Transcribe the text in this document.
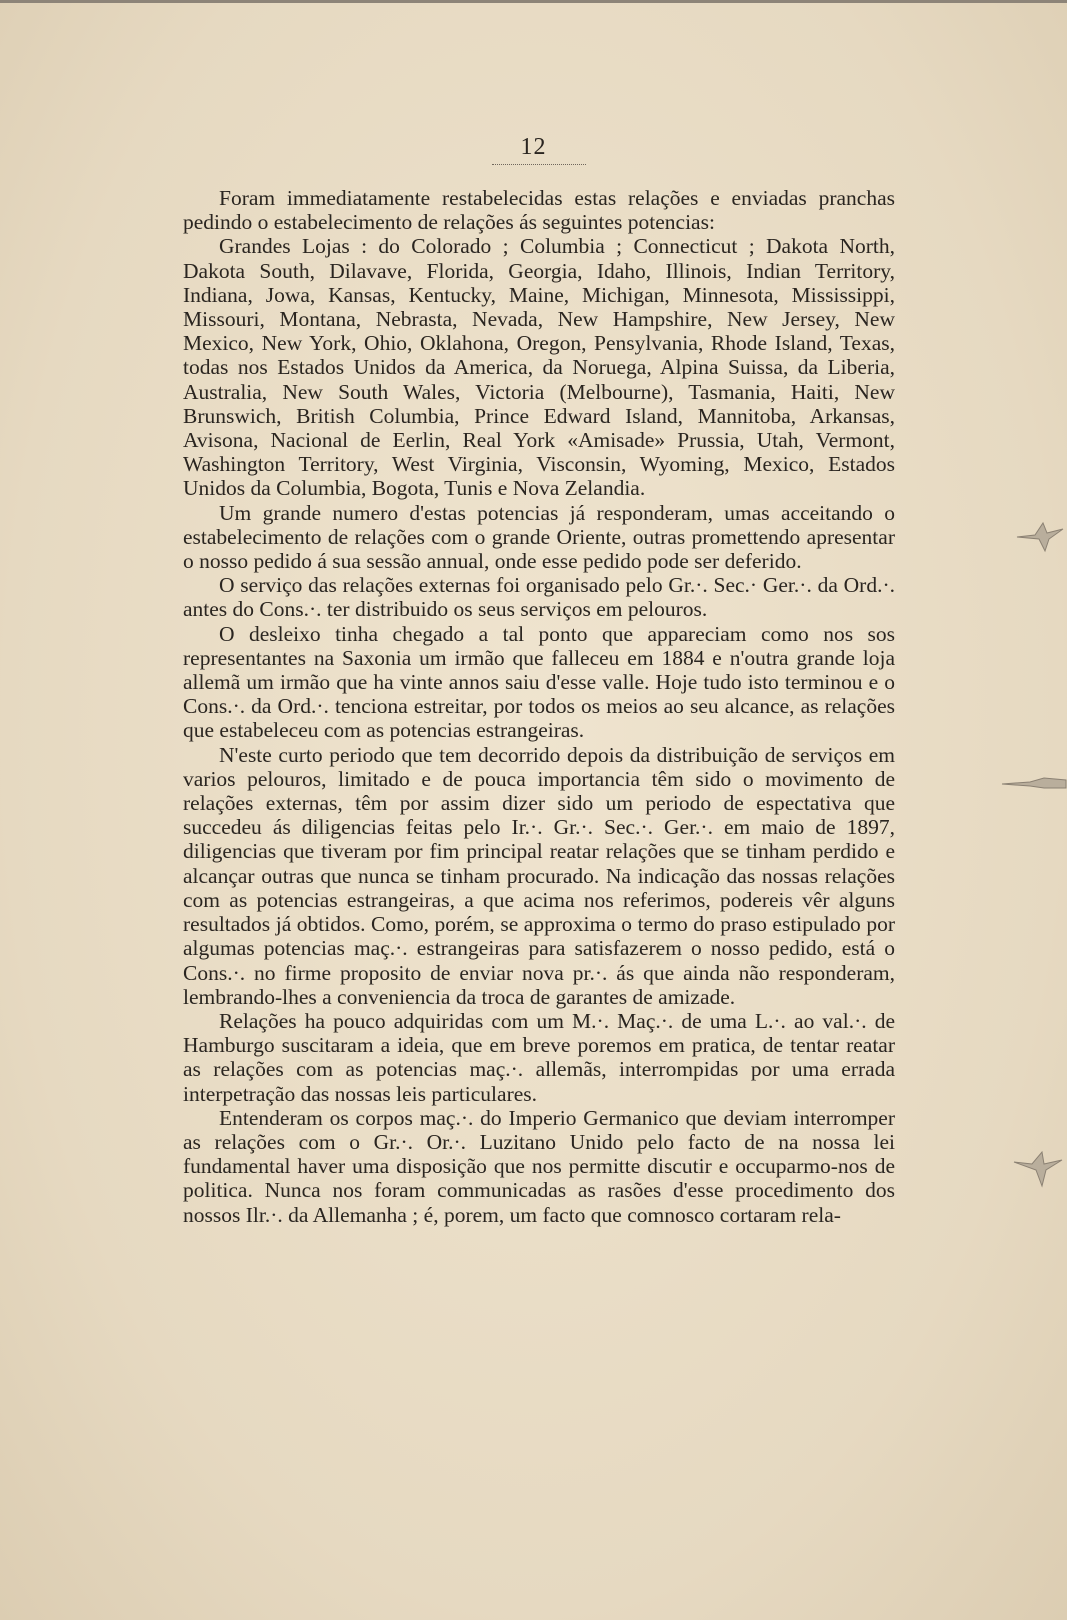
12

Foram immediatamente restabelecidas estas relações e enviadas pranchas pedindo o estabelecimento de relações ás seguintes potencias:

Grandes Lojas : do Colorado ; Columbia ; Connecticut ; Dakota North, Dakota South, Dilavave, Florida, Georgia, Idaho, Illinois, Indian Territory, Indiana, Jowa, Kansas, Kentucky, Maine, Michigan, Minnesota, Mississippi, Missouri, Montana, Nebrasta, Nevada, New Hampshire, New Jersey, New Mexico, New York, Ohio, Oklahona, Oregon, Pensylvania, Rhode Island, Texas, todas nos Estados Unidos da America, da Noruega, Alpina Suissa, da Liberia, Australia, New South Wales, Victoria (Melbourne), Tasmania, Haiti, New Brunswich, British Columbia, Prince Edward Island, Mannitoba, Arkansas, Avisona, Nacional de Eerlin, Real York «Amisade» Prussia, Utah, Vermont, Washington Territory, West Virginia, Visconsin, Wyoming, Mexico, Estados Unidos da Columbia, Bogota, Tunis e Nova Zelandia.

Um grande numero d'estas potencias já responderam, umas acceitando o estabelecimento de relações com o grande Oriente, outras promettendo apresentar o nosso pedido á sua sessão annual, onde esse pedido pode ser deferido.

O serviço das relações externas foi organisado pelo Gr.·. Sec.· Ger.·. da Ord.·. antes do Cons.·. ter distribuido os seus serviços em pelouros.

O desleixo tinha chegado a tal ponto que appareciam como nos sos representantes na Saxonia um irmão que falleceu em 1884 e n'outra grande loja allemã um irmão que ha vinte annos saiu d'esse valle. Hoje tudo isto terminou e o Cons.·. da Ord.·. tenciona estreitar, por todos os meios ao seu alcance, as relações que estabeleceu com as potencias estrangeiras.

N'este curto periodo que tem decorrido depois da distribuição de serviços em varios pelouros, limitado e de pouca importancia têm sido o movimento de relações externas, têm por assim dizer sido um periodo de espectativa que succedeu ás diligencias feitas pelo Ir.·. Gr.·. Sec.·. Ger.·. em maio de 1897, diligencias que tiveram por fim principal reatar relações que se tinham perdido e alcançar outras que nunca se tinham procurado. Na indicação das nossas relações com as potencias estrangeiras, a que acima nos referimos, podereis vêr alguns resultados já obtidos. Como, porém, se approxima o termo do praso estipulado por algumas potencias maç.·. estrangeiras para satisfazerem o nosso pedido, está o Cons.·. no firme proposito de enviar nova pr.·. ás que ainda não responderam, lembrando-lhes a conveniencia da troca de garantes de amizade.

Relações ha pouco adquiridas com um M.·. Maç.·. de uma L.·. ao val.·. de Hamburgo suscitaram a ideia, que em breve poremos em pratica, de tentar reatar as relações com as potencias maç.·. allemãs, interrompidas por uma errada interpetração das nossas leis particulares.

Entenderam os corpos maç.·. do Imperio Germanico que deviam interromper as relações com o Gr.·. Or.·. Luzitano Unido pelo facto de na nossa lei fundamental haver uma disposição que nos permitte discutir e occuparmo-nos de politica. Nunca nos foram communicadas as rasões d'esse procedimento dos nossos Ilr.·. da Allemanha ; é, porem, um facto que comnosco cortaram rela-
